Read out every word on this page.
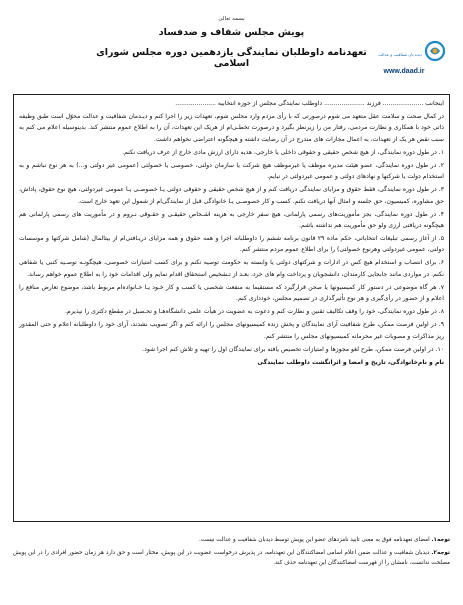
بسمه تعالی
پویش مجلس شفاف و ضدفساد
تعهدنامه داوطلبان نمایندگی یازدهمین دوره مجلس شورای اسلامی
دیده بان شفافیت و عدالت
www.daad.ir

اینجانب ..................... فرزند ..................... داوطلب نمایندگی مجلس از حوزه انتخابیه .....................

در کمال صحت و سلامت عقل متعهد می شوم درصورتی که با رأی مردم وارد مجلس شوم، تعهدات زیر را اجرا کنم و دیـدمان شفافیت و عدالت محوّل است طبق وظیفه ذاتی خود با همکاری و نظارت مردمی، رفتار من را زیرنظر بگیرد و درصورت تخطـی‌ام از هریک این تعهدات، آن را به اطلاع عموم منتشر کند. بدینوسیله اعلام می کنم به سبب نقض هر یک از تعهدات، به اعمال مجازات های مندرج در آن رضایت داشته و هیچگونه اعتراضی نخواهم داشت.

۱. در طول دوره نمایندگی، از هیچ شخص حقیقی و حقوقی داخلی یا خارجی، هدیه دارای ارزش مادی خارج از عرف دریافت نکنم.

۲. در طول دوره نمایندگی، عضو هیئت مدیره موظف یا غیرموظف هیچ شرکت یا سازمان دولتی، خصوصی یا خصولتی (عمومی غیر دولتی و...) به هر نوع نباشم و به استخدام دولت یا شرکتها و نهادهای دولتی و عمومی غیردولتی در نیایم.

۳. در طول دوره نمایندگی، فقط حقوق و مزایای نمایندگی دریافت کنم و از هیچ شخص حقیقی و حقوقی دولتی یـا خصوصـی یـا عمومی غیردولتی، هیچ نوع حقوق، پاداش، حق مشاوره، کمیسیون، حق جلسه و امثال آنها دریافت نکنم. کسب و کار خصوصـی یـا خانوادگی قبل از نمایندگی‌ام از شمول این تعهد خارج است.

۴. در طول دوره نمایندگی، بجز مأموریت‌های رسمی پارلمانی، هیچ سفر خارجی به هزینه اشـخاص حقیقـی و حقـوقی نـروم و در مأموریت های رسمی پارلمانی هم هیچگونه دریافتی ارزی ولو حق مأموریت هم نداشته باشم.

۵. از آغاز رسمی تبلیغات انتخاباتی، حکم ماده ۲۹ قانون برنامه ششم را داوطلبانه اجرا و همه حقوق و همه مزایای دریـافتی‌ام از بیتالمال (شامل شرکتها و موسسات دولتی، عمومی غیردولتی وهرنوع خصولتی) را برای اطلاع عموم مردم منتشر کنم.

۶. برای انتصاب و استخدام هیچ کس در ادارات و شرکتهای دولتی یا وابسته به حکومت توصیه نکنم و برای کسب امتیازات خصوصی، هیچگونـه توصـیه کتبی یا شفاهی نکنم. در مواردی مانند جابجایی کارمندان، دانشجویان و پرداخت وام های خرد، بعـد از تـشخیص استحقاق اقدام نمایم ولی اقدامات خود را به اطلاع عموم خواهم رساند.

۷. هر گاه موضوعی در دستور کار کمیسیونها یا صحن قرارگیرد که مستقیما به منفعت شخصی یا کسب و کار خـود یـا خـانواده‌ام مربوط باشد، موضوع تعارض منافع را اعلام و از حضور در رأی‌گیری و هر نوع تأثیرگذاری در تصمیم مجلس، خودداری کنم.

۸. در طول دوره نمایندگی، خود را وقف تکالیف تقنین و نظارت کنم و دعوت به عضویت در هیأت علمی دانشگاه‌هـا و تحـصیل در مقطع دکتری را نپذیرم.

۹. در اولین فرصت ممکن، طرح شفافیت آرای نمایندگان و پخش زنده کمیسیونهای مجلس را ارائه کنم و اگر تصویب نشدند، آرای خود را داوطلبانه اعلام و حتی المقدور ریز مذاکرات و مصوبات غیر محرمانه کمیسیونهای مجلس را منتشر کنم.

۱۰. در اولین فرصت ممکن، طرح لغو مجوزها و امتیازات تخصیص یافته برای نمایندگان اول را تهیه و تلاش کنم اجرا شود.

نام و نام‌خانوادگی، تاریخ و امضا و اثرانگشت داوطلب نمایندگی

توجه۱. امضای تعهدنامه فوق به معنی تایید نامزدهای عضو این پویش توسط دیدبان شفافیت و عدالت نیست.

توجه۲. دیدبان شفافیت و عدالت ضمن اعلام اسامی امضاکنندگان این تعهدنامه، در پذیرش درخواست عضویت در این پویش، مختار است و حق دارد هر زمان حضور افرادی را در این پویش مصلحت ندانست، نامشان را از فهرست امضاکنندگان این تعهدنامه حذف کند.
